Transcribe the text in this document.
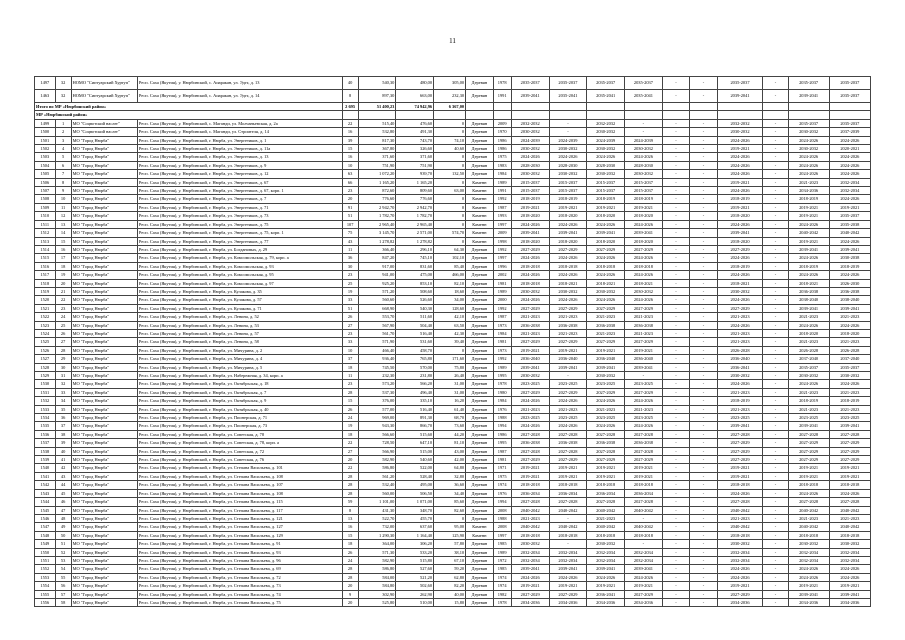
11
1497	32	НОМО "Сиптуарский Хуртуп"	Респ. Саха (Якутия), у. Нюрбинский, с. Аиаракан, ул. Эдгэ, д. 13	40	540,30	480,00	305,00	Деревян	1978	2035-2037	2035-2037	2035-2037	2035-2037	-	-	2035-2037	-	2035-2037	2035-2037
1463	32	НОМО "Сиптуарский Хуртуп"	Респ. Саха (Якутия), у. Нюрбинский, с. Аиаракан, ул. Эдгэ, д. 14	8	897,30	663,00	232,30	Деревян	1991	2039-2041	2035-2041	2035-2041	2035-2041	-	-	2039-2041	-	2039-2041	2035-2037
Итого по МР «Нюрбинский район»				2 695	51 400,23	74 942,96	6 367,00												
МР «Нюрбинский район»																			
1499	1	МО "Соцвотский наслег"	Респ. Саха (Якутия), у. Нюрбинский, с. Маганди, ул. Молчаньевская, д. 2а	22	515,40	476,60	0	Деревян	2009	2032-2032	-	2032-2032	-	-	-	2032-2032	-	2035-2037	2035-2037
1500	2	МО "Соцвотский наслег"	Респ. Саха (Якутия), у. Нюрбинский, с. Маганди, ул. Строителя, д. 14	16	532,80	491,30	0	Деревян	1970	2030-2032	-	2030-2032	-	-	-	2030-2032	-	2030-2032	2037-2039
1501	3	МО "Город Нюрба"	Респ. Саха (Якутия), у. Нюрбинский, г. Нюрба, ул. Энергетиков, д. 1	39	817,30	743,70	74,10	Деревян	1986	2024-2039	2024-2039	2024-2039	2024-2039	-	-	2024-2026	-	2024-2026	2024-2026
1502	4	МО "Город Нюрба"	Респ. Саха (Якутия), у. Нюрбинский, г. Нюрба, ул. Энергетиков, д. 11а	15	367,80	326,60	40,60	Деревян	1986	2030-2032	2030-2032	2030-2032	2030-2032	-	-	2019-2021	-	2030-2032	2020-2021
1503	5	МО "Город Нюрба"	Респ. Саха (Якутия), у. Нюрбинский, г. Нюрба, ул. Энергетиков, д. 13	16	371,60	371,60	0	Деревян	1975	2024-2026	2024-2026	2024-2026	2024-2026	-	-	2024-2026	-	2024-2026	2024-2026
1504	6	МО "Город Нюрба"	Респ. Саха (Якутия), у. Нюрбинский, г. Нюрба, ул. Энергетиков, д. 9	10	751,90	751,90	0	Деревян	1983	2028-2030	2028-2030	2028-2030	2028-2030	-	-	2024-2026	-	2024-2026	2024-2026
1505	7	МО "Город Нюрба"	Респ. Саха (Якутия), у. Нюрбинский, г. Нюрба, ул. Энергетиков, д. 12	63	1 072,20	939,70	132,50	Деревян	1984	2030-2032	2030-2032	2030-2032	2030-2032	-	-	2024-2026	-	2024-2026	2024-2026
1506	8	МО "Город Нюрба"	Респ. Саха (Якутия), у. Нюрбинский, г. Нюрба, ул. Энергетиков, д. 67	66	1 165,20	1 165,20	0	Каменн	1989	2015-2037	2015-2037	2015-2037	2015-2037	-	-	2019-2021	-	2021-2023	2032-2034
1507	9	МО "Город Нюрба"	Респ. Саха (Якутия), у. Нюрбинский, г. Нюрба, ул. Энергетиков, д. 67, корп. 1	23	872,60	809,60	63,00	Каменн	1991	2015-2037	2015-2037	2015-2037	2015-2037	-	-	2024-2026	-	2034-2036	2032-2034
1508	10	МО "Город Нюрба"	Респ. Саха (Якутия), у. Нюрбинский, г. Нюрба, ул. Энергетиков, д. 7	20	776,60	776,60	0	Каменн	1992	2018-2019	2018-2019	2018-2019	2018-2019	-	-	2018-2019	-	2018-2019	2024-2026
1509	11	МО "Город Нюрба"	Респ. Саха (Якутия), у. Нюрбинский, г. Нюрба, ул. Энергетиков, д. 71	91	2 942,70	2 942,70	0	Каменн	1987	2019-2021	2019-2021	2019-2021	2019-2021	-	-	2019-2021	-	2019-2021	2019-2021
1510	12	МО "Город Нюрба"	Респ. Саха (Якутия), у. Нюрбинский, г. Нюрба, ул. Энергетиков, д. 73	51	1 782,70	1 782,70	0	Каменн	1993	2018-2020	2018-2020	2018-2020	2018-2020	-	-	2018-2020	-	2019-2021	2035-2037
1511	13	МО "Город Нюрба"	Респ. Саха (Якутия), у. Нюрбинский, г. Нюрба, ул. Энергетиков, д. 75	107	2 965,40	2 965,40	0	Каменн	1997	2024-2026	2024-2026	2024-2026	2024-2026	-	-	2024-2026	-	2024-2026	2035-2038
1512	14	МО "Город Нюрба"	Респ. Саха (Якутия), у. Нюрбинский, г. Нюрба, ул. Энергетиков, д. 75, корп. 1	75	3 145,70	2 571,00	574,70	Каменн	2009	2039-2041	2039-2041	2039-2041	2039-2041	-	-	2039-2041	-	2040-2042	2040-2042
1513	15	МО "Город Нюрба"	Респ. Саха (Якутия), у. Нюрбинский, г. Нюрба, ул. Энергетиков, д. 77	43	1 278,82	1 278,82	0	Каменн	1998	2018-2020	2018-2020	2018-2020	2018-2020	-	-	2018-2020	-	2019-2021	2024-2026
1514	16	МО "Город Нюрба"	Респ. Саха (Якутия), у. Нюрбинский, г. Нюрба, ул. Богдановых, д. 29	11	366,40	296,10	64,30	Деревян	1992	2027-2029	2027-2029	2027-2029	2027-2029	-	-	2027-2029	-	2039-2041	2039-2041
1515	17	МО "Город Нюрба"	Респ. Саха (Якутия), у. Нюрбинский, г. Нюрба, ул. Комсомольская, д. 79, корп. а	36	847,20	745,10	102,10	Деревян	1997	2024-2026	2024-2026	2024-2026	2024-2026	-	-	2024-2026	-	2024-2026	2030-2038
1516	18	МО "Город Нюрба"	Респ. Саха (Якутия), у. Нюрбинский, г. Нюрба, ул. Комсомольская, д. 93	30	917,00	831,60	85,40	Деревян	1996	2018-2018	2018-2018	2018-2018	2018-2018	-	-	2018-2019	-	2018-2019	2018-2019
1517	19	МО "Город Нюрба"	Респ. Саха (Якутия), у. Нюрбинский, г. Нюрба, ул. Комсомольская, д. 95	23	941,00	475,00	466,00	Деревян	2002	2024-2026	2024-2026	2024-2026	2024-2026	-	-	2024-2026	-	2024-2026	2024-2026
1518	20	МО "Город Нюрба"	Респ. Саха (Якутия), у. Нюрбинский, г. Нюрба, ул. Комсомольская, д. 97	25	925,20	853,10	82,10	Деревян	1981	2018-2018	2018-2021	2018-2021	2018-2021	-	-	2018-2021	-	2018-2021	2026-2030
1519	21	МО "Город Нюрба"	Респ. Саха (Якутия), у. Нюрбинский, г. Нюрба, ул. Кулакова, д. 35	19	571,20	508,60	18,60	Деревян	1989	2030-2032	2030-2032	2030-2032	2030-2032	-	-	2030-2032	-	2036-2038	2036-2038
1520	22	МО "Город Нюрба"	Респ. Саха (Якутия), у. Нюрбинский, г. Нюрба, ул. Кулакова, д. 57	33	560,60	526,60	34,00	Деревян	2000	2024-2026	2024-2026	2024-2026	2024-2026	-	-	2024-2026	-	2038-2040	2038-2040
1521	23	МО "Город Нюрба"	Респ. Саха (Якутия), у. Нюрбинский, г. Нюрба, ул. Кулакова, д. 71	51	668,90	540,30	128,60	Деревян	1992	2027-2029	2027-2029	2027-2029	2027-2029	-	-	2027-2029	-	2039-2041	2039-2041
1522	24	МО "Город Нюрба"	Респ. Саха (Якутия), у. Нюрбинский, г. Нюрба, ул. Ленина, д. 52	26	553,70	511,60	42,10	Деревян	1987	2021-2023	2021-2023	2021-2023	2021-2023	-	-	2021-2023	-	2021-2023	2021-2023
1523	25	МО "Город Нюрба"	Респ. Саха (Якутия), у. Нюрбинский, г. Нюрба, ул. Ленина, д. 53	27	567,90	504,40	63,50	Деревян	1973	2036-2038	2036-2038	2036-2038	2036-2038	-	-	2024-2026	-	2024-2026	2024-2026
1524	26	МО "Город Нюрба"	Респ. Саха (Якутия), у. Нюрбинский, г. Нюрба, ул. Ленина, д. 57	23	561,70	516,40	42,30	Деревян	1984	2021-2023	2021-2023	2021-2023	2021-2023	-	-	2021-2023	-	2018-2020	2018-2020
1525	27	МО "Город Нюрба"	Респ. Саха (Якутия), у. Нюрбинский, г. Нюрба, ул. Ленина, д. 58	33	571,90	531,60	39,40	Деревян	1981	2027-2029	2027-2029	2027-2029	2027-2029	-	-	2021-2023	-	2021-2023	2021-2023
1526	28	МО "Город Нюрба"	Респ. Саха (Якутия), у. Нюрбинский, г. Нюрба, ул. Мичурина, д. 2	10	466,40	458,70	0	Деревян	1973	2019-2021	2019-2021	2019-2021	2019-2021	-	-	2026-2028	-	2026-2028	2026-2028
1527	29	МО "Город Нюрба"	Респ. Саха (Якутия), у. Нюрбинский, г. Нюрба, ул. Мичурина, д. 4	37	936,40	765,80	171,60	Деревян	1992	2036-2040	2036-2040	2036-2040	2036-2040	-	-	2036-2040	-	2037-2040	2037-2040
1528	30	МО "Город Нюрба"	Респ. Саха (Якутия), у. Нюрбинский, г. Нюрба, ул. Мичурина, д. 5	18	745,50	570,00	75,80	Деревян	1989	2039-2041	2039-2041	2039-2041	2039-2041	-	-	2036-2041	-	2035-2037	2035-2037
1529	31	МО "Город Нюрба"	Респ. Саха (Якутия), у. Нюрбинский, г. Нюрба, ул. Набережная, д. 34, корп. а	11	232,30	231,80	26,40	Деревян	1995	2030-2032	-	2030-2032	-	-	-	2030-2032	-	2030-2032	2030-2032
1530	32	МО "Город Нюрба"	Респ. Саха (Якутия), у. Нюрбинский, г. Нюрба, ул. Октябрьская, д. 18	23	573,20	566,20	31,00	Деревян	1978	2023-2025	2023-2025	2023-2025	2023-2025	-	-	2024-2026	-	2024-2026	2024-2026
1531	33	МО "Город Нюрба"	Респ. Саха (Якутия), у. Нюрбинский, г. Нюрба, ул. Октябрьская, д. 7	28	537,30	496,40	31,00	Деревян	1980	2027-2029	2027-2029	2027-2029	2027-2029	-	-	2021-2023	-	2021-2023	2021-2023
1532	34	МО "Город Нюрба"	Респ. Саха (Якутия), у. Нюрбинский, г. Нюрба, ул. Октябрьская, д. 9	15	376,00	335,10	16,20	Деревян	1984	2024-2026	2024-2026	2024-2026	2024-2026	-	-	2018-2019	-	2018-2019	2018-2019
1533	35	МО "Город Нюрба"	Респ. Саха (Якутия), у. Нюрбинский, г. Нюрба, ул. Октябрьская, д. 40	26	577,00	516,40	61,40	Деревян	1976	2021-2023	2021-2023	2021-2023	2021-2023	-	-	2021-2023	-	2021-2023	2021-2023
1534	36	МО "Город Нюрба"	Респ. Саха (Якутия), у. Нюрбинский, г. Нюрба, ул. Пионерская, д. 71	24	969,00	891,30	68,70	Деревян	1988	2023-2025	2023-2025	2023-2025	2023-2025	-	-	2023-2025	-	2023-2025	2023-2025
1535	37	МО "Город Нюрба"	Респ. Саха (Якутия), у. Нюрбинский, г. Нюрба, ул. Пионерская, д. 73	19	943,30	866,70	73,60	Деревян	1994	2024-2026	2024-2026	2024-2026	2024-2026	-	-	2039-2041	-	2039-2041	2039-2041
1536	38	МО "Город Нюрба"	Респ. Саха (Якутия), у. Нюрбинский, г. Нюрба, ул. Советская, д. 78	18	566,60	515,60	44,20	Деревян	1986	2027-2028	2027-2028	2027-2028	2027-2028	-	-	2027-2028	-	2027-2028	2027-2028
1537	39	МО "Город Нюрба"	Респ. Саха (Якутия), у. Нюрбинский, г. Нюрба, ул. Советская, д. 78, корп. а	22	728,50	647,10	81,10	Деревян	1995	2036-2038	2036-2038	2036-2038	2036-2038	-	-	2027-2029	-	2027-2029	2027-2029
1538	40	МО "Город Нюрба"	Респ. Саха (Якутия), у. Нюрбинский, г. Нюрба, ул. Советская, д. 72	27	566,90	515,00	43,00	Деревян	1987	2027-2028	2027-2028	2027-2028	2027-2028	-	-	2027-2029	-	2027-2029	2027-2029
1539	41	МО "Город Нюрба"	Респ. Саха (Якутия), у. Нюрбинский, г. Нюрба, ул. Советская, д. 76	20	582,90	540,60	42,00	Деревян	1981	2027-2029	2027-2029	2027-2029	2027-2029	-	-	2027-2029	-	2027-2029	2027-2029
1540	42	МО "Город Нюрба"	Респ. Саха (Якутия), у. Нюрбинский, г. Нюрба, ул. Степана Васильева, д. 101	22	586,80	522,00	64,80	Деревян	1971	2019-2021	2019-2021	2019-2021	2019-2021	-	-	2019-2021	-	2019-2021	2019-2021
1541	43	МО "Город Нюрба"	Респ. Саха (Якутия), у. Нюрбинский, г. Нюрба, ул. Степана Васильева, д. 108	28	561,20	528,40	32,80	Деревян	1975	2019-2021	2019-2021	2019-2021	2019-2021	-	-	2019-2021	-	2019-2021	2019-2021
1542	44	МО "Город Нюрба"	Респ. Саха (Якутия), у. Нюрбинский, г. Нюрба, ул. Степана Васильева, д. 107	28	532,40	495,00	36,60	Деревян	1974	2018-2018	2018-2018	2018-2018	2018-2018	-	-	2018-2018	-	2018-2018	2018-2018
1543	45	МО "Город Нюрба"	Респ. Саха (Якутия), у. Нюрбинский, г. Нюрба, ул. Степана Васильева, д. 108	28	560,00	506,50	34,40	Деревян	1976	2036-2034	2036-2034	2036-2034	2036-2034	-	-	2024-2026	-	2024-2026	2024-2026
1544	46	МО "Город Нюрба"	Респ. Саха (Якутия), у. Нюрбинский, г. Нюрба, ул. Степана Васильева, д. 115	59	1 101,00	1 071,00	85,60	Деревян	1994	2027-2028	2027-2028	2027-2028	2027-2028	-	-	2027-2028	-	2027-2028	2027-2028
1545	47	МО "Город Нюрба"	Респ. Саха (Якутия), у. Нюрбинский, г. Нюрба, ул. Степана Васильева, д. 117	8	431,30	348,70	82,60	Деревян	2008	2040-2042	2040-2042	2040-2042	2040-2042	-	-	2040-2042	-	2040-2042	2040-2042
1546	48	МО "Город Нюрба"	Респ. Саха (Якутия), у. Нюрбинский, г. Нюрба, ул. Степана Васильева, д. 121	13	522,70	455,70	0	Деревян	1988	2021-2023	-	2021-2023	-	-	-	2021-2023	-	2021-2023	2021-2023
1547	49	МО "Город Нюрба"	Респ. Саха (Якутия), у. Нюрбинский, г. Нюрба, ул. Степана Васильева, д. 127	16	732,00	637,60	95,00	Каменн	2008	2040-2042	2040-2042	2040-2042	2040-2042	-	-	2040-2042	-	2040-2042	2040-2042
1548	50	МО "Город Нюрба"	Респ. Саха (Якутия), у. Нюрбинский, г. Нюрба, ул. Степана Васильева, д. 129	15	1 290,30	1 164,40	125,90	Каменн	1997	2018-2018	2018-2018	2018-2018	2018-2018	-	-	2018-2018	-	2018-2018	2018-2018
1549	51	МО "Город Нюрба"	Респ. Саха (Якутия), у. Нюрбинский, г. Нюрба, ул. Степана Васильева, д. 91	18	364,00	306,20	57,80	Деревян	1985	2030-2032	-	2030-2032	-	-	-	2030-2032	-	2030-2032	2030-2032
1550	52	МО "Город Нюрба"	Респ. Саха (Якутия), у. Нюрбинский, г. Нюрба, ул. Степана Васильева, д. 93	26	571,30	533,20	38,10	Деревян	1989	2032-2034	2032-2034	2032-2034	2032-2034	-	-	2032-2034	-	2032-2034	2032-2034
1551	53	МО "Город Нюрба"	Респ. Саха (Якутия), у. Нюрбинский, г. Нюрба, ул. Степана Васильева, д. 96	24	582,90	515,80	67,10	Деревян	1972	2032-2034	2032-2034	2032-2034	2032-2034	-	-	2032-2034	-	2032-2034	2032-2034
1552	54	МО "Город Нюрба"	Респ. Саха (Якутия), у. Нюрбинский, г. Нюрба, ул. Степана Васильева, д. 69	28	586,80	527,60	59,20	Деревян	1985	2039-2041	2039-2041	2039-2041	2039-2041	-	-	2024-2026	-	2024-2026	2024-2026
1553	55	МО "Город Нюрба"	Респ. Саха (Якутия), у. Нюрбинский, г. Нюрба, ул. Степана Васильева, д. 72	28	584,00	521,20	62,80	Деревян	1974	2024-2026	2024-2026	2024-2026	2024-2026	-	-	2024-2026	-	2024-2026	2024-2026
1554	56	МО "Город Нюрба"	Респ. Саха (Якутия), у. Нюрбинский, г. Нюрба, ул. Степана Васильева, д. 73	20	584,80	502,60	82,20	Деревян	1974	2019-2021	2019-2021	2019-2021	2019-2021	-	-	2019-2021	-	2019-2021	2019-2021
1555	57	МО "Город Нюрба"	Респ. Саха (Якутия), у. Нюрбинский, г. Нюрба, ул. Степана Васильева, д. 74	9	302,90	262,90	40,00	Деревян	1982	2027-2029	2027-2029	2036-2041	2027-2029	-	-	2027-2029	-	2039-2041	2039-2041
1556	58	МО "Город Нюрба"	Респ. Саха (Якутия), у. Нюрбинский, г. Нюрба, ул. Степана Васильева, д. 75	20	525,80	510,00	15,80	Деревян	1978	2034-2036	2034-2036	2034-2036	2034-2036	-	-	2034-2036	-	2034-2036	2034-2036
